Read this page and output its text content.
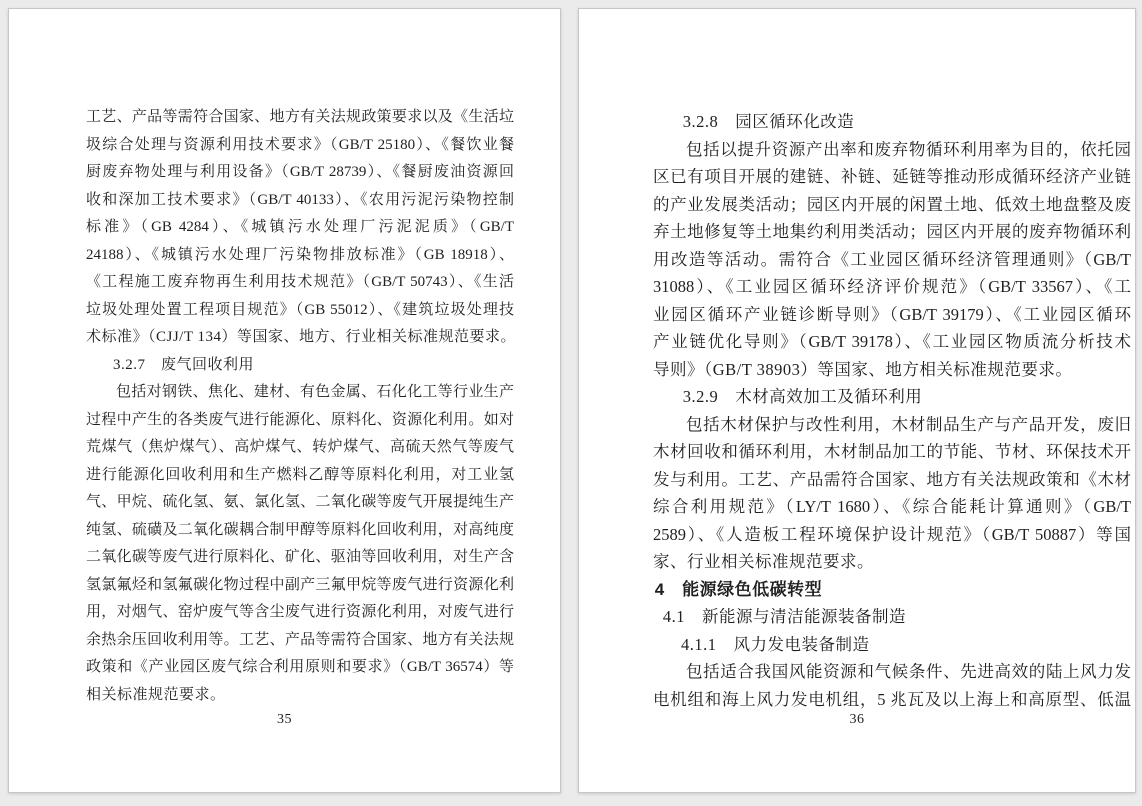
工艺、产品等需符合国家、地方有关法规政策要求以及《生活垃
圾综合处理与资源利用技术要求》（GB/T 25180）、《餐饮业餐
厨废弃物处理与利用设备》（GB/T 28739）、《餐厨废油资源回
收和深加工技术要求》（GB/T 40133）、《农用污泥污染物控制
标准》（GB 4284）、《城镇污水处理厂污泥泥质》（GB/T
24188）、《城镇污水处理厂污染物排放标准》（GB 18918）、
《工程施工废弃物再生利用技术规范》（GB/T 50743）、《生活
垃圾处理处置工程项目规范》（GB 55012）、《建筑垃圾处理技
术标准》（CJJ/T 134）等国家、地方、行业相关标准规范要求。
3.2.7　废气回收利用
包括对钢铁、焦化、建材、有色金属、石化化工等行业生产
过程中产生的各类废气进行能源化、原料化、资源化利用。如对
荒煤气（焦炉煤气）、高炉煤气、转炉煤气、高硫天然气等废气
进行能源化回收利用和生产燃料乙醇等原料化利用，对工业氢
气、甲烷、硫化氢、氨、氯化氢、二氧化碳等废气开展提纯生产
纯氢、硫磺及二氧化碳耦合制甲醇等原料化回收利用，对高纯度
二氧化碳等废气进行原料化、矿化、驱油等回收利用，对生产含
氢氯氟烃和氢氟碳化物过程中副产三氟甲烷等废气进行资源化利
用，对烟气、窑炉废气等含尘废气进行资源化利用，对废气进行
余热余压回收利用等。工艺、产品等需符合国家、地方有关法规
政策和《产业园区废气综合利用原则和要求》（GB/T 36574）等
相关标准规范要求。
35
3.2.8　园区循环化改造
包括以提升资源产出率和废弃物循环利用率为目的，依托园
区已有项目开展的建链、补链、延链等推动形成循环经济产业链
的产业发展类活动；园区内开展的闲置土地、低效土地盘整及废
弃土地修复等土地集约利用类活动；园区内开展的废弃物循环利
用改造等活动。需符合《工业园区循环经济管理通则》（GB/T
31088）、《工业园区循环经济评价规范》（GB/T 33567）、《工
业园区循环产业链诊断导则》（GB/T 39179）、《工业园区循环
产业链优化导则》（GB/T 39178）、《工业园区物质流分析技术
导则》（GB/T 38903）等国家、地方相关标准规范要求。
3.2.9　木材高效加工及循环利用
包括木材保护与改性利用，木材制品生产与产品开发，废旧
木材回收和循环利用，木材制品加工的节能、节材、环保技术开
发与利用。工艺、产品需符合国家、地方有关法规政策和《木材
综合利用规范》（LY/T 1680）、《综合能耗计算通则》（GB/T
2589）、《人造板工程环境保护设计规范》（GB/T 50887）等国
家、行业相关标准规范要求。
4　能源绿色低碳转型
4.1　新能源与清洁能源装备制造
4.1.1　风力发电装备制造
包括适合我国风能资源和气候条件、先进高效的陆上风力发
电机组和海上风力发电机组，5 兆瓦及以上海上和高原型、低温
36
